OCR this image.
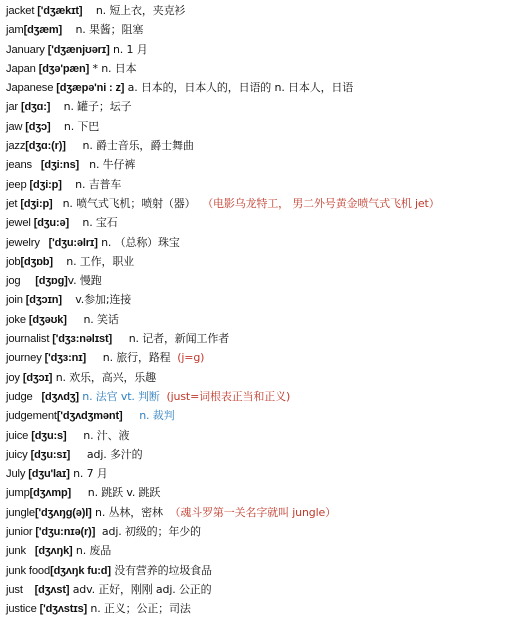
jacket ['dʒækɪt] n. 短上衣，夹克衫
jam[dʒæm] n. 果酱；阻塞
January ['dʒænjʊərɪ] n. 1 月
Japan [dʒə'pæn] * n. 日本
Japanese [dʒæpə'ni : z] a. 日本的，日本人的，日语的 n. 日本人，日语
jar [dʒɑ:] n. 罐子；坛子
jaw [dʒɔ] n. 下巴
jazz[dʒɑ:(r)] n. 爵士音乐，爵士舞曲
jeans   [dʒi:ns] n. 牛仔裤
jeep [dʒi:p] n. 吉普车
jet [dʒi:p] n. 喷气式飞机；喷射（器） （电影乌龙特工， 男二外号黄金喷气式飞机 jet）
jewel [dʒu:ə] n. 宝石
jewelry   ['dʒu:əlrɪ] n. （总称）珠宝
job[dʒɒb] n. 工作，职业
jog     [dʒɒg]v. 慢跑
join [dʒɔɪn] v.参加;连接
joke [dʒəʊk] n. 笑话
journalist ['dʒɜ:nəlɪst] n. 记者，新闻工作者
journey ['dʒɜ:nɪ] n. 旅行，路程 (j=g)
joy [dʒɔɪ] n. 欢乐，高兴，乐趣
judge   [dʒʌdʒ] n. 法官 vt. 判断 (just=词根表正当和正义)
judgement['dʒʌdʒmənt] n. 裁判
juice [dʒu:s] n. 汁、液
juicy [dʒu:sɪ] adj. 多汁的
July [dʒu'laɪ] n. 7 月
jump[dʒʌmp] n. 跳跃 v. 跳跃
jungle['dʒʌŋg(ə)l] n. 丛林，密林 （魂斗罗第一关名字就叫 jungle）
junior ['dʒu:nɪə(r)] adj. 初级的；年少的
junk   [dʒʌŋk] n. 废品
junk food[dʒʌŋk fu:d] 没有营养的垃圾食品
just    [dʒʌst] adv. 正好，刚刚 adj. 公正的
justice ['dʒʌstɪs] n. 正义；公正；司法
